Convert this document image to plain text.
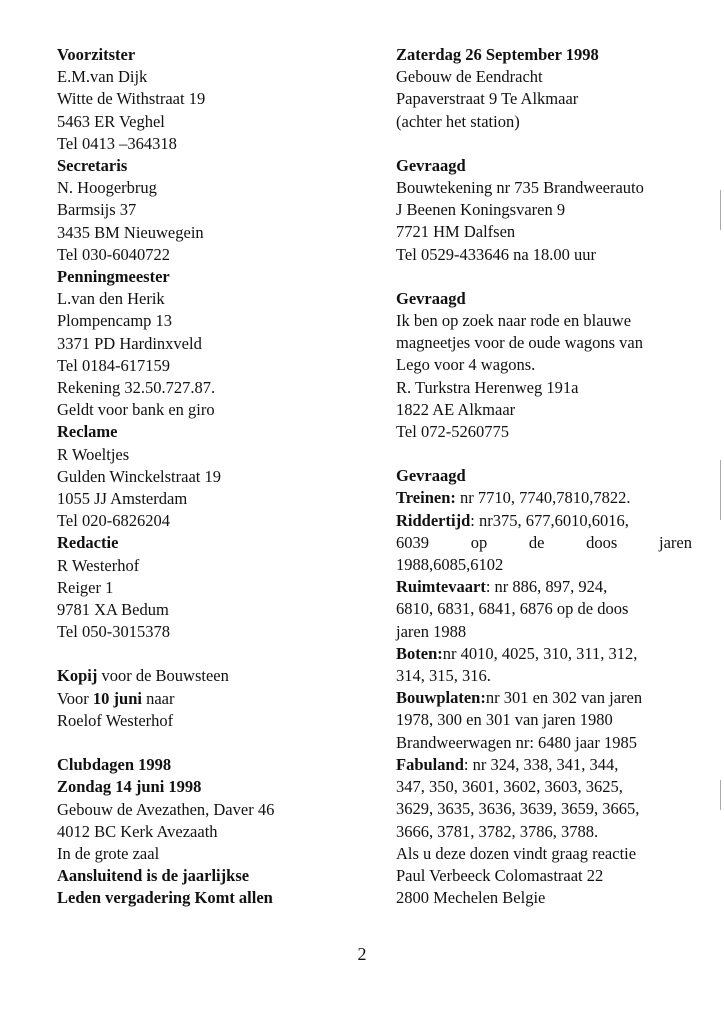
Voorzitster
E.M.van Dijk
Witte de Withstraat 19
5463 ER Veghel
Tel 0413 –364318
Secretaris
N. Hoogerbrug
Barmsijs 37
3435 BM Nieuwegein
Tel 030-6040722
Penningmeester
L.van den Herik
Plompencamp 13
3371 PD Hardinxveld
Tel 0184-617159
Rekening 32.50.727.87.
Geldt voor bank en giro
Reclame
R Woeltjes
Gulden Winckelstraat 19
1055 JJ Amsterdam
Tel 020-6826204
Redactie
R Westerhof
Reiger 1
9781 XA Bedum
Tel 050-3015378
Kopij voor de Bouwsteen
Voor 10 juni naar
Roelof Westerhof
Clubdagen 1998
Zondag 14 juni 1998
Gebouw de Avezathen, Daver 46
4012 BC Kerk Avezaath
In de grote zaal
Aansluitend is de jaarlijkse
Leden vergadering Komt allen
Zaterdag 26 September 1998
Gebouw de Eendracht
Papaverstraat 9 Te Alkmaar
(achter het station)
Gevraagd
Bouwtekening nr 735 Brandweerauto
J Beenen Koningsvaren 9
7721 HM Dalfsen
Tel 0529-433646 na 18.00 uur
Gevraagd
Ik ben op zoek naar rode en blauwe
magneetjes voor de oude wagons van
Lego voor 4 wagons.
R. Turkstra Herenweg 191a
1822 AE Alkmaar
Tel 072-5260775
Gevraagd
Treinen: nr 7710, 7740,7810,7822.
Riddertijd: nr375, 677,6010,6016,
6039	op	de	doos	jaren
1988,6085,6102
Ruimtevaart: nr 886, 897, 924,
6810, 6831, 6841, 6876 op de doos
jaren 1988
Boten:nr 4010, 4025, 310, 311, 312,
314, 315, 316.
Bouwplaten:nr 301 en 302 van jaren
1978, 300 en 301 van jaren 1980
Brandweerwagen nr: 6480 jaar 1985
Fabuland: nr 324, 338, 341, 344,
347, 350, 3601, 3602, 3603, 3625,
3629, 3635, 3636, 3639, 3659, 3665,
3666, 3781, 3782, 3786, 3788.
Als u deze dozen vindt graag reactie
Paul Verbeeck Colomastraat 22
2800 Mechelen Belgie
2
